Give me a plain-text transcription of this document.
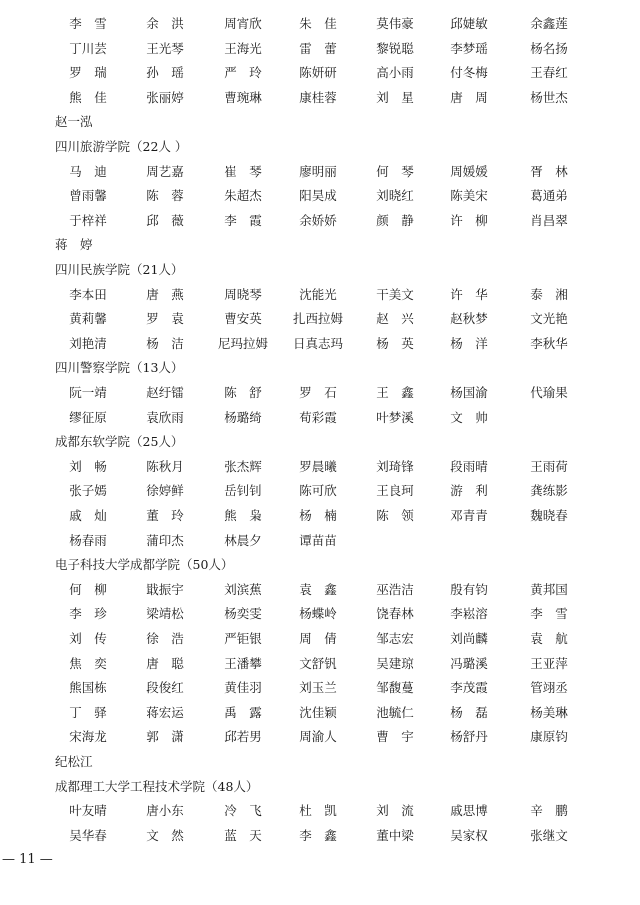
李　雪	余　洪	周宵欣	朱　佳	莫伟豪	邱婕敏	余鑫莲
丁川芸	王光琴	王海光	雷　蕾	黎锐聪	李梦瑶	杨名扬
罗　瑞	孙　瑶	严　玲	陈妍研	高小雨	付冬梅	王春红
熊　佳	张丽婷	曹琬琳	康桂蓉	刘　星	唐　周	杨世杰
赵一泓
四川旅游学院（22人 ）
马　迪	周艺嘉	崔　琴	廖明丽	何　琴	周媛媛	胥　林
曾雨馨	陈　蓉	朱超杰	阳昊成	刘晓红	陈美宋	葛通弟
于梓祥	邱　薇	李　霞	余娇娇	颜　静	许　柳	肖昌翠
蒋　婷
四川民族学院（21人）
李本田	唐　燕	周晓琴	沈能光	干美文	许　华	泰　湘
黄莉馨	罗　袁	曹安英	扎西拉姆	赵　兴	赵秋梦	文光艳
刘艳清	杨　洁	尼玛拉姆	日真志玛	杨　英	杨　洋	李秋华
四川警察学院（13人）
阮一靖	赵纡镭	陈　舒	罗　石	王　鑫	杨国渝	代瑜果
缪征原	袁欣雨	杨璐绮	荀彩霞	叶梦溪	文　帅
成都东软学院（25人）
刘　畅	陈秋月	张杰辉	罗晨曦	刘琦锋	段雨晴	王雨荷
张子嫣	徐婷鲜	岳钊钊	陈可欣	王良珂	游　利	龚练影
戚　灿	董　玲	熊　枭	杨　楠	陈　领	邓青青	魏晓春
杨春雨	蒲印杰	林晨夕	谭苗苗
电子科技大学成都学院（50人）
何　柳	戢振宇	刘滨蕉	袁　鑫	巫浩洁	殷有钧	黄邦国
李　珍	梁靖松	杨奕雯	杨蝶岭	饶春林	李崧溶	李　雪
刘　传	徐　浩	严钜银	周　倩	邹志宏	刘尚麟	袁　航
焦　奕	唐　聪	王潘攀	文舒钒	吴建琼	冯璐溪	王亚萍
熊国栋	段俊红	黄佳羽	刘玉兰	邹馥蔓	李茂霞	管翊丞
丁　驿	蒋宏运	禹　露	沈佳颖	池毓仁	杨　磊	杨美琳
宋海龙	郭　潇	邱若男	周渝人	曹　宇	杨舒丹	康原钧
纪松江
成都理工大学工程技术学院（48人）
叶友晴	唐小东	冷　飞	杜　凯	刘　流	戚思博	辛　鹏
吴华春	文　然	蓝　天	李　鑫	董中梁	吴家权	张继文
— 11 —
